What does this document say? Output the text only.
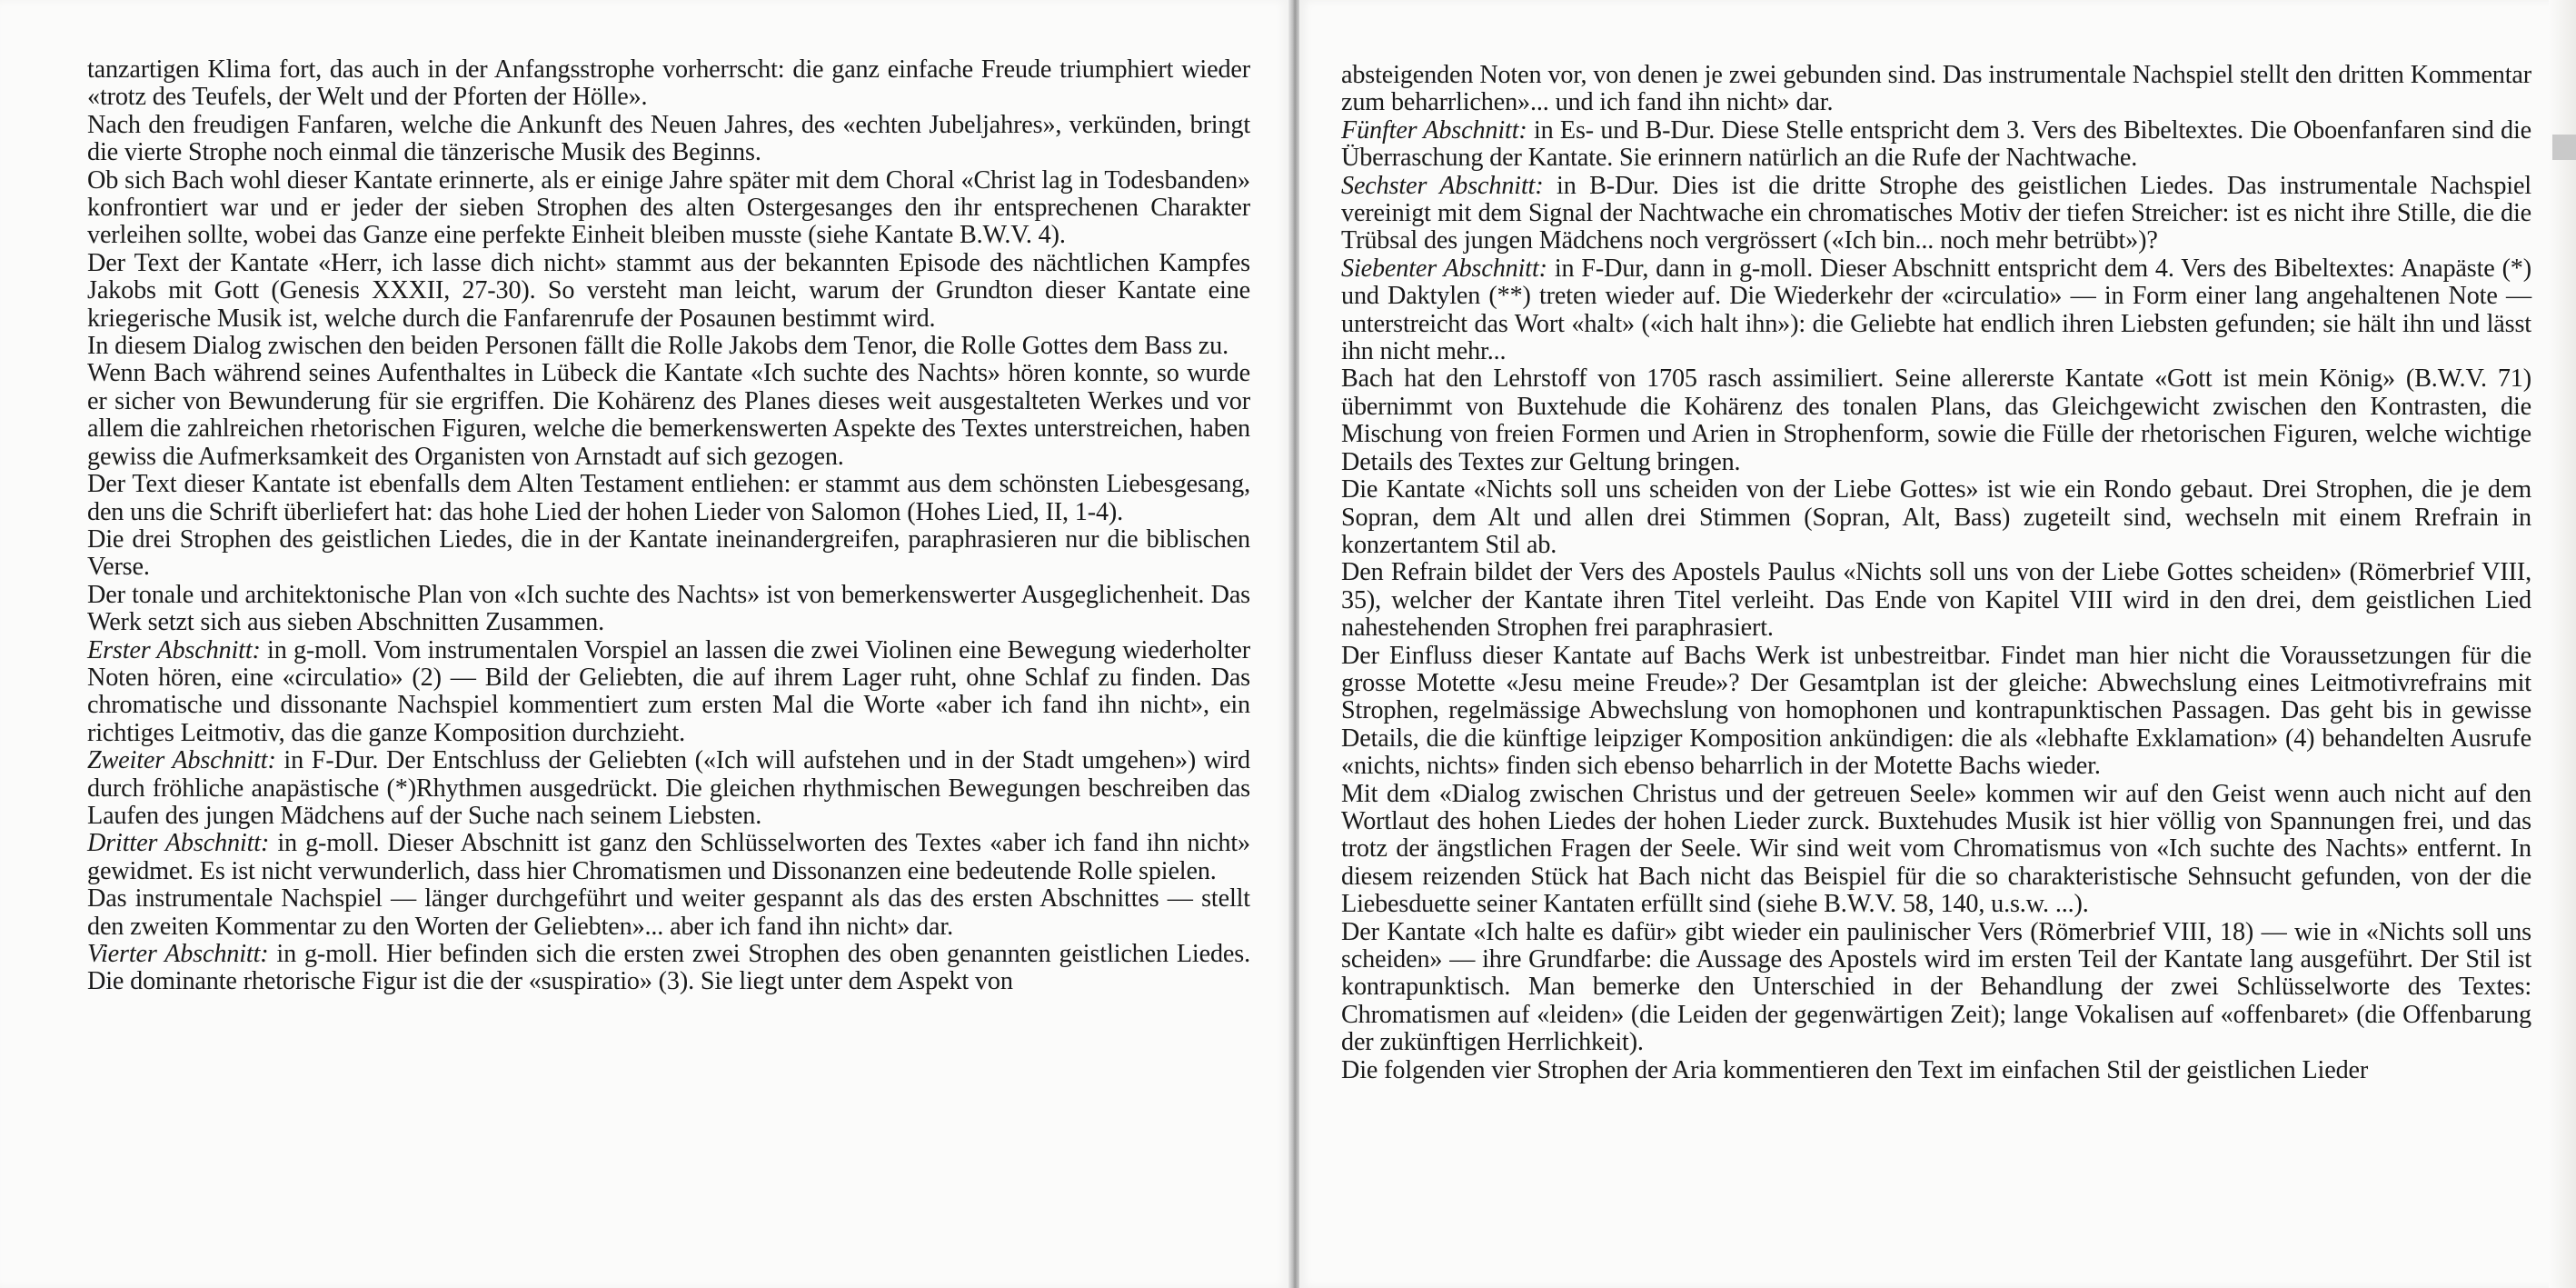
tanzartigen Klima fort, das auch in der Anfangsstrophe vorherrscht: die ganz einfache Freude triumphiert wieder «trotz des Teufels, der Welt und der Pforten der Hölle».

Nach den freudigen Fanfaren, welche die Ankunft des Neuen Jahres, des «echten Jubeljahres», verkünden, bringt die vierte Strophe noch einmal die tänzerische Musik des Beginns.

Ob sich Bach wohl dieser Kantate erinnerte, als er einige Jahre später mit dem Choral «Christ lag in Todesbanden» konfrontiert war und er jeder der sieben Strophen des alten Ostergesanges den ihr entsprechenen Charakter verleihen sollte, wobei das Ganze eine perfekte Einheit bleiben musste (siehe Kantate B.W.V. 4).

Der Text der Kantate «Herr, ich lasse dich nicht» stammt aus der bekannten Episode des nächtlichen Kampfes Jakobs mit Gott (Genesis XXXII, 27-30). So versteht man leicht, warum der Grundton dieser Kantate eine kriegerische Musik ist, welche durch die Fanfarenrufe der Posaunen bestimmt wird.

In diesem Dialog zwischen den beiden Personen fällt die Rolle Jakobs dem Tenor, die Rolle Gottes dem Bass zu.

Wenn Bach während seines Aufenthaltes in Lübeck die Kantate «Ich suchte des Nachts» hören konnte, so wurde er sicher von Bewunderung für sie ergriffen. Die Kohärenz des Planes dieses weit ausgestalteten Werkes und vor allem die zahlreichen rhetorischen Figuren, welche die bemerkenswerten Aspekte des Textes unterstreichen, haben gewiss die Aufmerksamkeit des Organisten von Arnstadt auf sich gezogen.

Der Text dieser Kantate ist ebenfalls dem Alten Testament entliehen: er stammt aus dem schönsten Liebesgesang, den uns die Schrift überliefert hat: das hohe Lied der hohen Lieder von Salomon (Hohes Lied, II, 1-4).

Die drei Strophen des geistlichen Liedes, die in der Kantate ineinandergreifen, paraphrasieren nur die biblischen Verse.

Der tonale und architektonische Plan von «Ich suchte des Nachts» ist von bemerkenswerter Ausgeglichenheit. Das Werk setzt sich aus sieben Abschnitten Zusammen.

Erster Abschnitt: in g-moll. Vom instrumentalen Vorspiel an lassen die zwei Violinen eine Bewegung wiederholter Noten hören, eine «circulatio» (2) — Bild der Geliebten, die auf ihrem Lager ruht, ohne Schlaf zu finden. Das chromatische und dissonante Nachspiel kommentiert zum ersten Mal die Worte «aber ich fand ihn nicht», ein richtiges Leitmotiv, das die ganze Komposition durchzieht.

Zweiter Abschnitt: in F-Dur. Der Entschluss der Geliebten («Ich will aufstehen und in der Stadt umgehen») wird durch fröhliche anapästische (*)Rhythmen ausgedrückt. Die gleichen rhythmischen Bewegungen beschreiben das Laufen des jungen Mädchens auf der Suche nach seinem Liebsten.

Dritter Abschnitt: in g-moll. Dieser Abschnitt ist ganz den Schlüsselworten des Textes «aber ich fand ihn nicht» gewidmet. Es ist nicht verwunderlich, dass hier Chromatismen und Dissonanzen eine bedeutende Rolle spielen.

Das instrumentale Nachspiel — länger durchgeführt und weiter gespannt als das des ersten Abschnittes — stellt den zweiten Kommentar zu den Worten der Geliebten»... aber ich fand ihn nicht» dar.

Vierter Abschnitt: in g-moll. Hier befinden sich die ersten zwei Strophen des oben genannten geistlichen Liedes. Die dominante rhetorische Figur ist die der «suspiratio» (3). Sie liegt unter dem Aspekt von

absteigenden Noten vor, von denen je zwei gebunden sind. Das instrumentale Nachspiel stellt den dritten Kommentar zum beharrlichen»... und ich fand ihn nicht» dar.

Fünfter Abschnitt: in Es- und B-Dur. Diese Stelle entspricht dem 3. Vers des Bibeltextes. Die Oboenfanfaren sind die Überraschung der Kantate. Sie erinnern natürlich an die Rufe der Nachtwache.

Sechster Abschnitt: in B-Dur. Dies ist die dritte Strophe des geistlichen Liedes. Das instrumentale Nachspiel vereinigt mit dem Signal der Nachtwache ein chromatisches Motiv der tiefen Streicher: ist es nicht ihre Stille, die die Trübsal des jungen Mädchens noch vergrössert («Ich bin... noch mehr betrübt»)?

Siebenter Abschnitt: in F-Dur, dann in g-moll. Dieser Abschnitt entspricht dem 4. Vers des Bibeltextes: Anapäste (*) und Daktylen (**) treten wieder auf. Die Wiederkehr der «circulatio» — in Form einer lang angehaltenen Note — unterstreicht das Wort «halt» («ich halt ihn»): die Geliebte hat endlich ihren Liebsten gefunden; sie hält ihn und lässt ihn nicht mehr...

Bach hat den Lehrstoff von 1705 rasch assimiliert. Seine allererste Kantate «Gott ist mein König» (B.W.V. 71) übernimmt von Buxtehude die Kohärenz des tonalen Plans, das Gleichgewicht zwischen den Kontrasten, die Mischung von freien Formen und Arien in Strophenform, sowie die Fülle der rhetorischen Figuren, welche wichtige Details des Textes zur Geltung bringen.

Die Kantate «Nichts soll uns scheiden von der Liebe Gottes» ist wie ein Rondo gebaut. Drei Strophen, die je dem Sopran, dem Alt und allen drei Stimmen (Sopran, Alt, Bass) zugeteilt sind, wechseln mit einem Rrefrain in konzertantem Stil ab.

Den Refrain bildet der Vers des Apostels Paulus «Nichts soll uns von der Liebe Gottes scheiden» (Römerbrief VIII, 35), welcher der Kantate ihren Titel verleiht. Das Ende von Kapitel VIII wird in den drei, dem geistlichen Lied nahestehenden Strophen frei paraphrasiert.

Der Einfluss dieser Kantate auf Bachs Werk ist unbestreitbar. Findet man hier nicht die Voraussetzungen für die grosse Motette «Jesu meine Freude»? Der Gesamtplan ist der gleiche: Abwechslung eines Leitmotivrefrains mit Strophen, regelmässige Abwechslung von homophonen und kontrapunktischen Passagen. Das geht bis in gewisse Details, die die künftige leipziger Komposition ankündigen: die als «lebhafte Exklamation» (4) behandelten Ausrufe «nichts, nichts» finden sich ebenso beharrlich in der Motette Bachs wieder.

Mit dem «Dialog zwischen Christus und der getreuen Seele» kommen wir auf den Geist wenn auch nicht auf den Wortlaut des hohen Liedes der hohen Lieder zurck. Buxtehudes Musik ist hier völlig von Spannungen frei, und das trotz der ängstlichen Fragen der Seele. Wir sind weit vom Chromatismus von «Ich suchte des Nachts» entfernt. In diesem reizenden Stück hat Bach nicht das Beispiel für die so charakteristische Sehnsucht gefunden, von der die Liebesduette seiner Kantaten erfüllt sind (siehe B.W.V. 58, 140, u.s.w. ...).

Der Kantate «Ich halte es dafür» gibt wieder ein paulinischer Vers (Römerbrief VIII, 18) — wie in «Nichts soll uns scheiden» — ihre Grundfarbe: die Aussage des Apostels wird im ersten Teil der Kantate lang ausgeführt. Der Stil ist kontrapunktisch. Man bemerke den Unterschied in der Behandlung der zwei Schlüsselworte des Textes: Chromatismen auf «leiden» (die Leiden der gegenwärtigen Zeit); lange Vokalisen auf «offenbaret» (die Offenbarung der zukünftigen Herrlichkeit).

Die folgenden vier Strophen der Aria kommentieren den Text im einfachen Stil der geistlichen Lieder
